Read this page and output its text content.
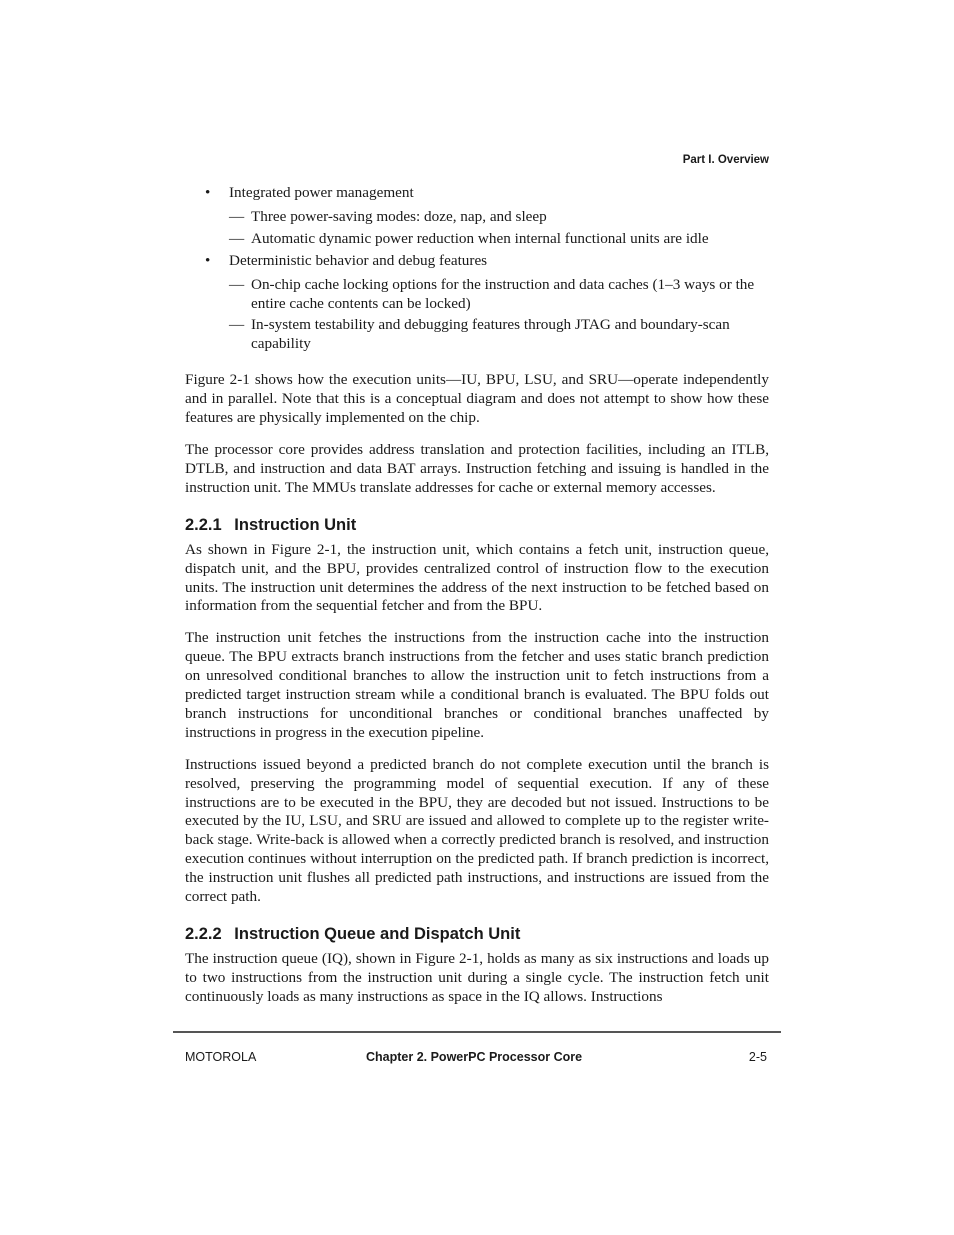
Part I. Overview
• Integrated power management
— Three power-saving modes: doze, nap, and sleep
— Automatic dynamic power reduction when internal functional units are idle
• Deterministic behavior and debug features
— On-chip cache locking options for the instruction and data caches (1–3 ways or the entire cache contents can be locked)
— In-system testability and debugging features through JTAG and boundary-scan capability

Figure 2-1 shows how the execution units—IU, BPU, LSU, and SRU—operate independently and in parallel. Note that this is a conceptual diagram and does not attempt to show how these features are physically implemented on the chip.

The processor core provides address translation and protection facilities, including an ITLB, DTLB, and instruction and data BAT arrays. Instruction fetching and issuing is handled in the instruction unit. The MMUs translate addresses for cache or external memory accesses.

2.2.1 Instruction Unit

As shown in Figure 2-1, the instruction unit, which contains a fetch unit, instruction queue, dispatch unit, and the BPU, provides centralized control of instruction flow to the execution units. The instruction unit determines the address of the next instruction to be fetched based on information from the sequential fetcher and from the BPU.

The instruction unit fetches the instructions from the instruction cache into the instruction queue. The BPU extracts branch instructions from the fetcher and uses static branch prediction on unresolved conditional branches to allow the instruction unit to fetch instructions from a predicted target instruction stream while a conditional branch is evaluated. The BPU folds out branch instructions for unconditional branches or conditional branches unaffected by instructions in progress in the execution pipeline.

Instructions issued beyond a predicted branch do not complete execution until the branch is resolved, preserving the programming model of sequential execution. If any of these instructions are to be executed in the BPU, they are decoded but not issued. Instructions to be executed by the IU, LSU, and SRU are issued and allowed to complete up to the register write-back stage. Write-back is allowed when a correctly predicted branch is resolved, and instruction execution continues without interruption on the predicted path. If branch prediction is incorrect, the instruction unit flushes all predicted path instructions, and instructions are issued from the correct path.

2.2.2 Instruction Queue and Dispatch Unit

The instruction queue (IQ), shown in Figure 2-1, holds as many as six instructions and loads up to two instructions from the instruction unit during a single cycle. The instruction fetch unit continuously loads as many instructions as space in the IQ allows. Instructions

MOTOROLA	Chapter 2. PowerPC Processor Core	2-5
